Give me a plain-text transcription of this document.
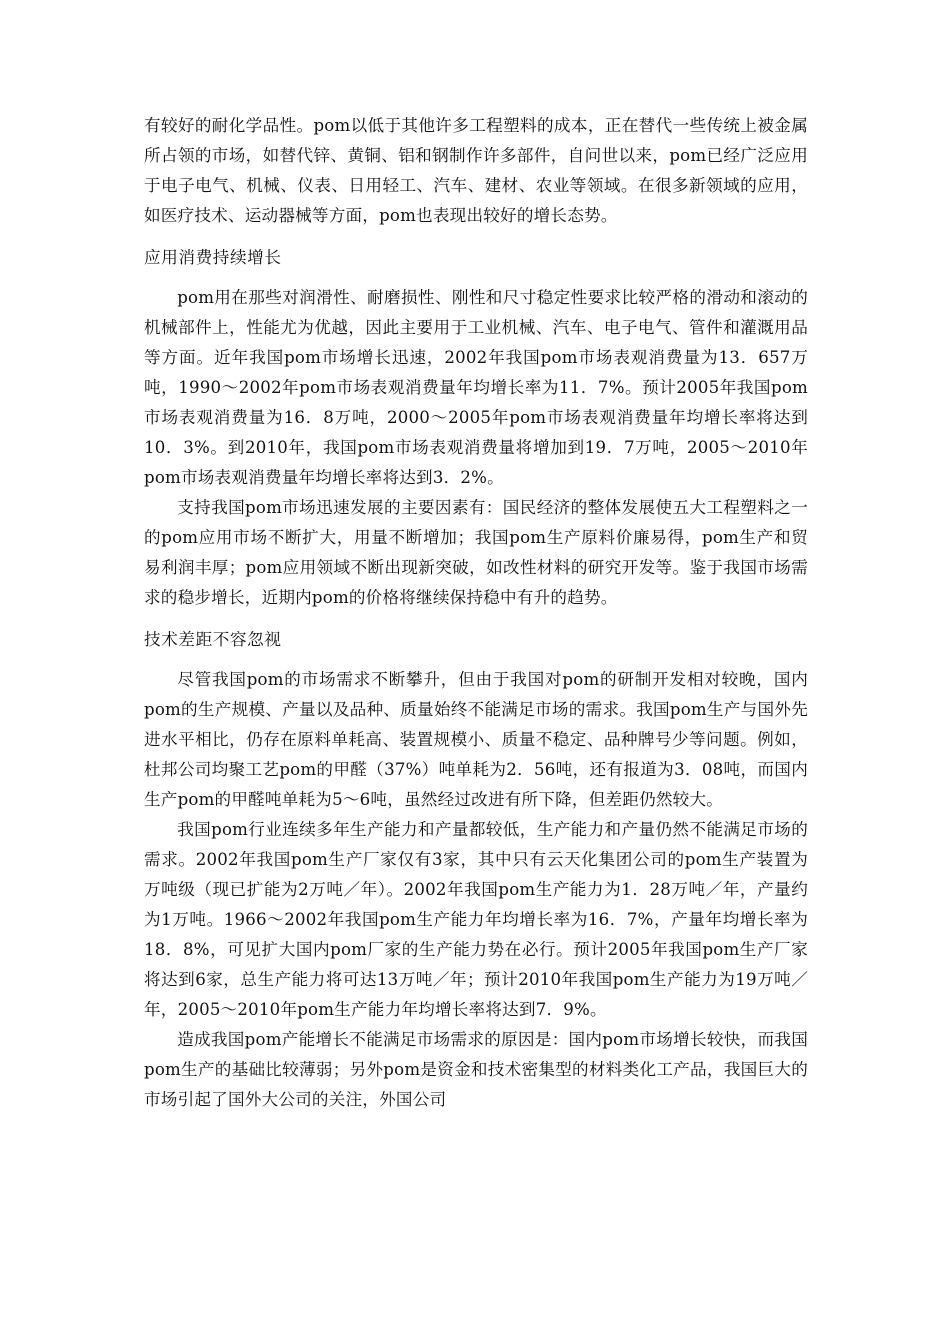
有较好的耐化学品性。pom以低于其他许多工程塑料的成本，正在替代一些传统上被金属所占领的市场，如替代锌、黄铜、铝和钢制作许多部件，自问世以来，pom已经广泛应用于电子电气、机械、仪表、日用轻工、汽车、建材、农业等领域。在很多新领域的应用，如医疗技术、运动器械等方面，pom也表现出较好的增长态势。

应用消费持续增长

pom用在那些对润滑性、耐磨损性、刚性和尺寸稳定性要求比较严格的滑动和滚动的机械部件上，性能尤为优越，因此主要用于工业机械、汽车、电子电气、管件和灌溉用品等方面。近年我国pom市场增长迅速，2002年我国pom市场表观消费量为13．657万吨，1990～2002年pom市场表观消费量年均增长率为11．7%。预计2005年我国pom市场表观消费量为16．8万吨，2000～2005年pom市场表观消费量年均增长率将达到10．3%。到2010年，我国pom市场表观消费量将增加到19．7万吨，2005～2010年pom市场表观消费量年均增长率将达到3．2%。

支持我国pom市场迅速发展的主要因素有：国民经济的整体发展使五大工程塑料之一的pom应用市场不断扩大，用量不断增加；我国pom生产原料价廉易得，pom生产和贸易利润丰厚；pom应用领域不断出现新突破，如改性材料的研究开发等。鉴于我国市场需求的稳步增长，近期内pom的价格将继续保持稳中有升的趋势。

技术差距不容忽视

尽管我国pom的市场需求不断攀升，但由于我国对pom的研制开发相对较晚，国内pom的生产规模、产量以及品种、质量始终不能满足市场的需求。我国pom生产与国外先进水平相比，仍存在原料单耗高、装置规模小、质量不稳定、品种牌号少等问题。例如，杜邦公司均聚工艺pom的甲醛（37%）吨单耗为2．56吨，还有报道为3．08吨，而国内生产pom的甲醛吨单耗为5～6吨，虽然经过改进有所下降，但差距仍然较大。

我国pom行业连续多年生产能力和产量都较低，生产能力和产量仍然不能满足市场的需求。2002年我国pom生产厂家仅有3家，其中只有云天化集团公司的pom生产装置为万吨级（现已扩能为2万吨／年）。2002年我国pom生产能力为1．28万吨／年，产量约为1万吨。1966～2002年我国pom生产能力年均增长率为16．7%，产量年均增长率为18．8%，可见扩大国内pom厂家的生产能力势在必行。预计2005年我国pom生产厂家将达到6家，总生产能力将可达13万吨／年；预计2010年我国pom生产能力为19万吨／年，2005～2010年pom生产能力年均增长率将达到7．9%。

造成我国pom产能增长不能满足市场需求的原因是：国内pom市场增长较快，而我国pom生产的基础比较薄弱；另外pom是资金和技术密集型的材料类化工产品，我国巨大的市场引起了国外大公司的关注，外国公司
